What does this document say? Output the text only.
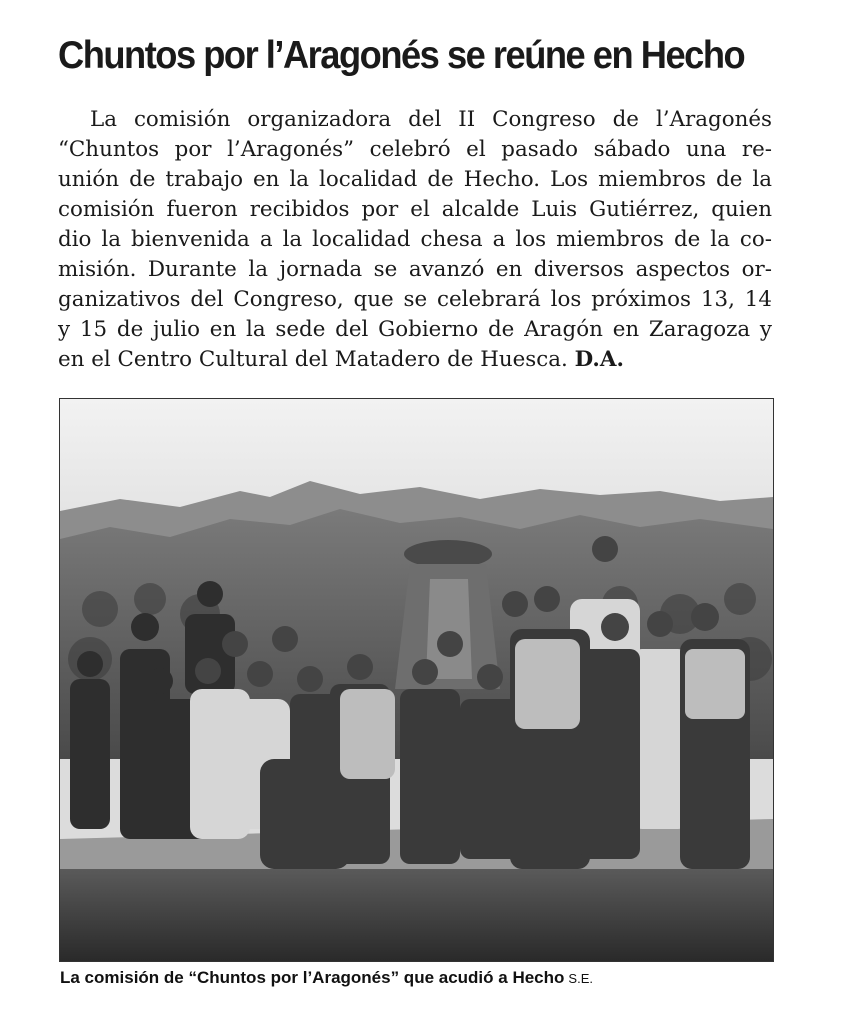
Chuntos por l’Aragonés se reúne en Hecho
La comisión organizadora del II Congreso de l’Aragonés
“Chuntos por l’Aragonés” celebró el pasado sábado una re-
unión de trabajo en la localidad de Hecho. Los miembros de la
comisión fueron recibidos por el alcalde Luis Gutiérrez, quien
dio la bienvenida a la localidad chesa a los miembros de la co-
misión. Durante la jornada se avanzó en diversos aspectos or-
ganizativos del Congreso, que se celebrará los próximos 13, 14
y 15 de julio en la sede del Gobierno de Aragón en Zaragoza y
en el Centro Cultural del Matadero de Huesca. D.A.
La comisión de “Chuntos por l’Aragonés” que acudió a Hecho S.E.
